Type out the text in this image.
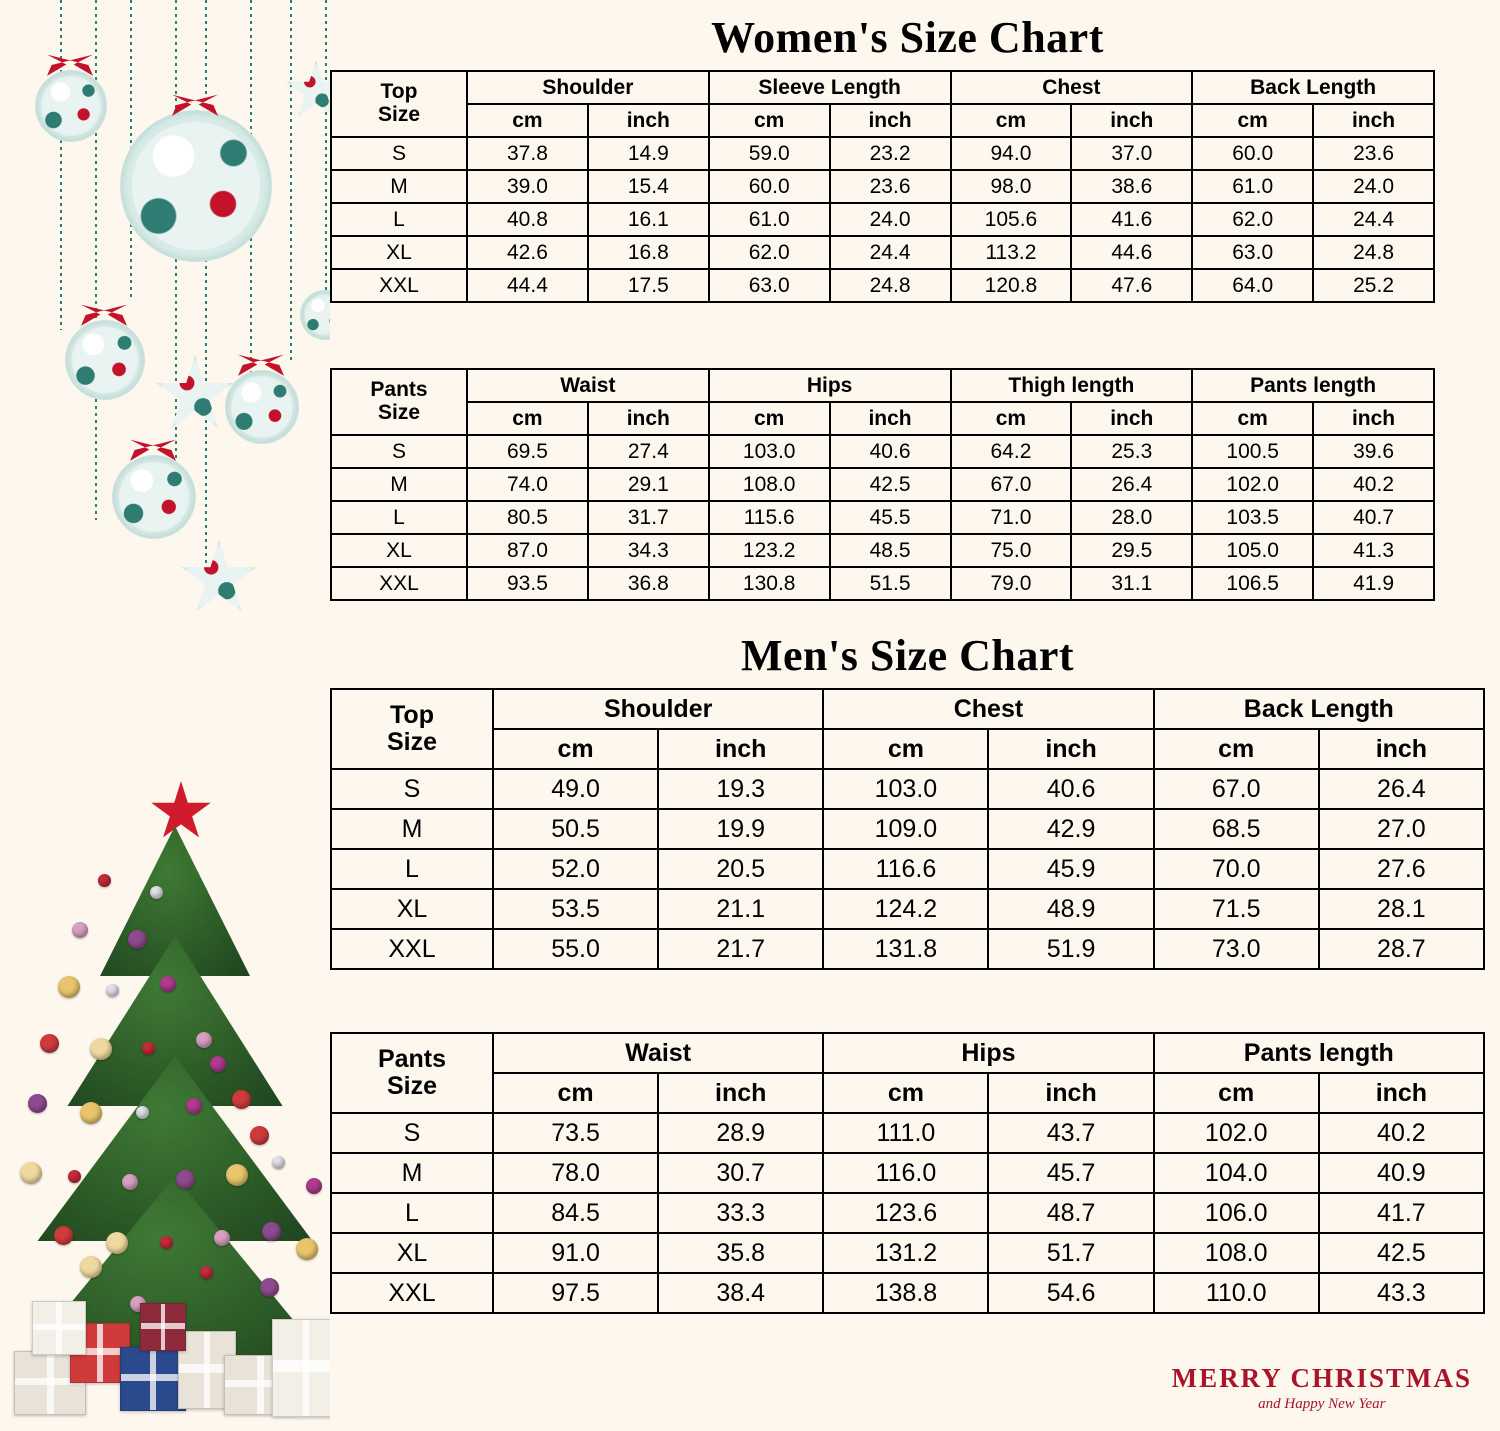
MERRY CHRISTMAS
and Happy New Year
Women's Size Chart
Men's Size Chart
Top
Size	Shoulder		Sleeve Length		Chest		Back Length	
	cm	inch	cm	inch	cm	inch	cm	inch
S	37.8	14.9	59.0	23.2	94.0	37.0	60.0	23.6
M	39.0	15.4	60.0	23.6	98.0	38.6	61.0	24.0
L	40.8	16.1	61.0	24.0	105.6	41.6	62.0	24.4
XL	42.6	16.8	62.0	24.4	113.2	44.6	63.0	24.8
XXL	44.4	17.5	63.0	24.8	120.8	47.6	64.0	25.2
Pants
Size	Waist		Hips		Thigh length		Pants length	
	cm	inch	cm	inch	cm	inch	cm	inch
S	69.5	27.4	103.0	40.6	64.2	25.3	100.5	39.6
M	74.0	29.1	108.0	42.5	67.0	26.4	102.0	40.2
L	80.5	31.7	115.6	45.5	71.0	28.0	103.5	40.7
XL	87.0	34.3	123.2	48.5	75.0	29.5	105.0	41.3
XXL	93.5	36.8	130.8	51.5	79.0	31.1	106.5	41.9
Top
Size	Shoulder		Chest		Back Length	
	cm	inch	cm	inch	cm	inch
S	49.0	19.3	103.0	40.6	67.0	26.4
M	50.5	19.9	109.0	42.9	68.5	27.0
L	52.0	20.5	116.6	45.9	70.0	27.6
XL	53.5	21.1	124.2	48.9	71.5	28.1
XXL	55.0	21.7	131.8	51.9	73.0	28.7
Pants
Size	Waist		Hips		Pants length	
	cm	inch	cm	inch	cm	inch
S	73.5	28.9	111.0	43.7	102.0	40.2
M	78.0	30.7	116.0	45.7	104.0	40.9
L	84.5	33.3	123.6	48.7	106.0	41.7
XL	91.0	35.8	131.2	51.7	108.0	42.5
XXL	97.5	38.4	138.8	54.6	110.0	43.3
